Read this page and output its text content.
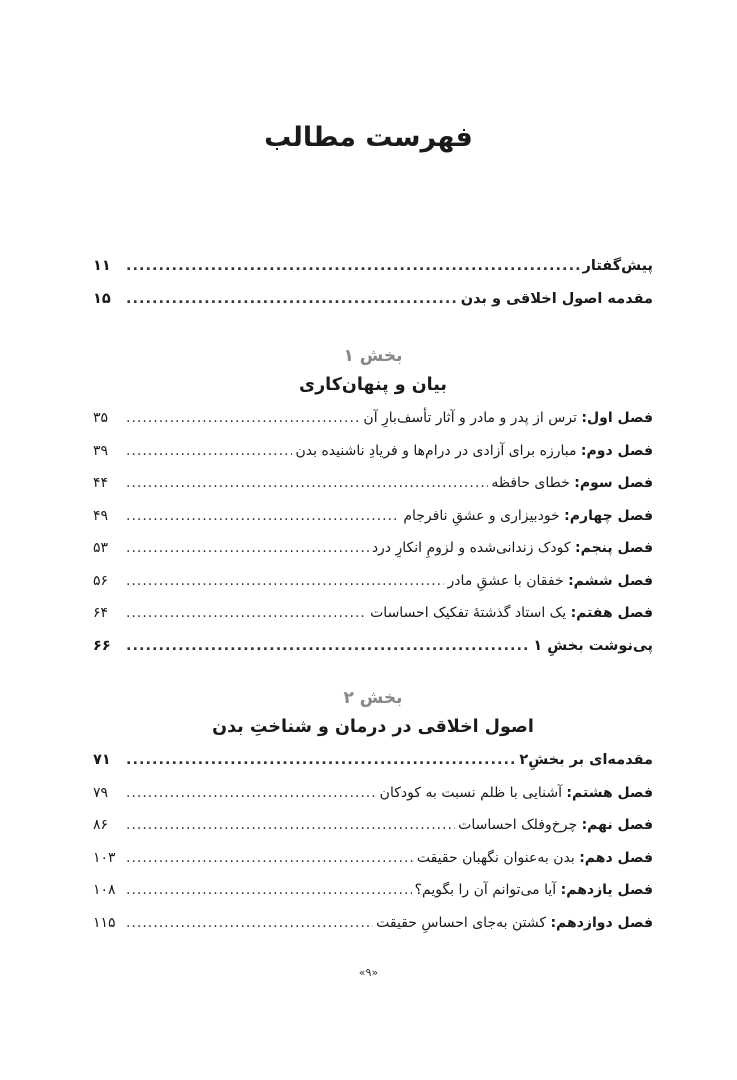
فهرست مطالب
پیش‌گفتار
.....
۱۱
مقدمه اصول اخلاقی و بدن
.....
۱۵
بخش ۱
بیان و پنهان‌کاری
فصل اول: ترس از پدر و مادر و آثار تأسف‌بارِ آن
.....
۳۵
فصل دوم: مبارزه برای آزادی در درام‌ها و فریادِ ناشنیده بدن
.....
۳۹
فصل سوم: خطای حافظه
.....
۴۴
فصل چهارم: خودبیزاری و عشقِ نافرجام
.....
۴۹
فصل پنجم: کودک زندانی‌شده و لزومِ انکارِ درد
.....
۵۳
فصل ششم: خفقان با عشقِ مادر
.....
۵۶
فصل هفتم: یک استاد گذشتهٔ تفکیک احساسات
.....
۶۴
پی‌نوشت بخشِ ۱
.....
۶۶
بخش ۲
اصول اخلاقی در درمان و شناختِ بدن
مقدمه‌ای بر بخشِ۲
.....
۷۱
فصل هشتم: آشنایی با ظلم نسبت به کودکان
.....
۷۹
فصل نهم: چرخ‌وفلک احساسات
.....
۸۶
فصل دهم: بدن به‌عنوان نگهبان حقیقت
.....
۱۰۳
فصل یازدهم: آیا می‌توانم آن را بگویم؟
.....
۱۰۸
فصل دوازدهم: کشتن به‌جای احساسِ حقیقت
.....
۱۱۵
«۹»
